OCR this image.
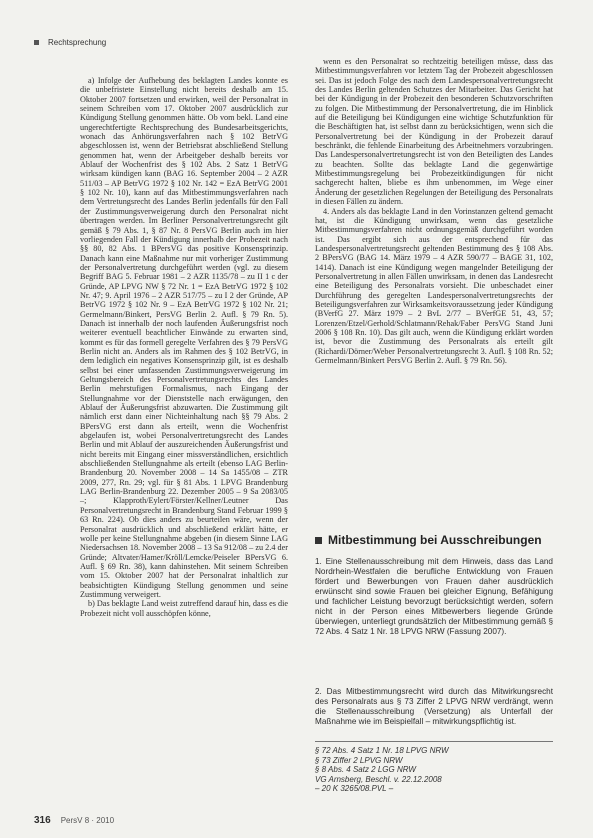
Rechtsprechung

a) Infolge der Aufhebung des beklagten Landes konnte es die unbefristete Einstellung nicht bereits deshalb am 15. Oktober 2007 fortsetzen und erwirken, weil der Personalrat in seinem Schreiben vom 17. Oktober 2007 ausdrücklich zur Kündigung Stellung genommen hätte. Ob vom bekl. Land eine ungerechtfertigte Rechtsprechung des Bundesarbeitsgerichts, wonach das Anhörungsverfahren nach § 102 BetrVG abgeschlossen ist, wenn der Betriebsrat abschließend Stellung genommen hat, wenn der Arbeitgeber deshalb bereits vor Ablauf der Wochenfrist des § 102 Abs. 2 Satz 1 BetrVG wirksam kündigen kann (BAG 16. September 2004 – 2 AZR 511/03 – AP BetrVG 1972 § 102 Nr. 142 = EzA BetrVG 2001 § 102 Nr. 10), kann auf das Mitbestimmungsverfahren nach dem Vertretungsrecht des Landes Berlin jedenfalls für den Fall der Zustimmungsverweigerung durch den Personalrat nicht übertragen werden. Im Berliner Personalvertretungsrecht gilt gemäß § 79 Abs. 1, § 87 Nr. 8 PersVG Berlin auch im hier vorliegenden Fall der Kündigung innerhalb der Probezeit nach §§ 80, 82 Abs. 1 BPersVG das positive Konsensprinzip. Danach kann eine Maßnahme nur mit vorheriger Zustimmung der Personalvertretung durchgeführt werden (vgl. zu diesem Begriff BAG 5. Februar 1981 – 2 AZR 1135/78 – zu II 1 c der Gründe, AP LPVG NW § 72 Nr. 1 = EzA BetrVG 1972 § 102 Nr. 47; 9. April 1976 – 2 AZR 517/75 – zu I 2 der Gründe, AP BetrVG 1972 § 102 Nr. 9 – EzA BetrVG 1972 § 102 Nr. 21; Germelmann/Binkert, PersVG Berlin 2. Aufl. § 79 Rn. 5). Danach ist innerhalb der noch laufenden Äußerungsfrist noch weiterer eventuell beachtlicher Einwände zu erwarten sind, kommt es für das formell geregelte Verfahren des § 79 PersVG Berlin nicht an. Anders als im Rahmen des § 102 BetrVG, in dem lediglich ein negatives Konsensprinzip gilt, ist es deshalb selbst bei einer umfassenden Zustimmungsverweigerung im Geltungsbereich des Personalvertretungsrechts des Landes Berlin mehrstufigen Formalismus, nach Eingang der Stellungnahme vor der Dienststelle nach erwägungen, den Ablauf der Äußerungsfrist abzuwarten. Die Zustimmung gilt nämlich erst dann einer Nichteinhaltung nach §§ 79 Abs. 2 BPersVG erst dann als erteilt, wenn die Wochenfrist abgelaufen ist, wobei Personalvertretungsrecht des Landes Berlin und mit Ablauf der auszureichenden Äußerungsfrist und nicht bereits mit Eingang einer missverständlichen, ersichtlich abschließenden Stellungnahme als erteilt (ebenso LAG Berlin-Brandenburg 20. November 2008 – 14 Sa 1455/08 – ZTR 2009, 277, Rn. 29; vgl. für § 81 Abs. 1 LPVG Brandenburg LAG Berlin-Brandenburg 22. Dezember 2005 – 9 Sa 2083/05 –; Klapproth/Eylert/Förster/Kellner/Leutner Das Personalvertretungsrecht in Brandenburg Stand Februar 1999 § 63 Rn. 224). Ob dies anders zu beurteilen wäre, wenn der Personalrat ausdrücklich und abschließend erklärt hätte, er wolle per keine Stellungnahme abgeben (in diesem Sinne LAG Niedersachsen 18. November 2008 – 13 Sa 912/08 – zu 2.4 der Gründe; Altvater/Hamer/Kröll/Lemcke/Peiseler BPersVG 6. Aufl. § 69 Rn. 38), kann dahinstehen. Mit seinem Schreiben vom 15. Oktober 2007 hat der Personalrat inhaltlich zur beabsichtigten Kündigung Stellung genommen und seine Zustimmung verweigert.

b) Das beklagte Land weist zutreffend darauf hin, dass es die Probezeit nicht voll ausschöpfen könne,

wenn es den Personalrat so rechtzeitig beteiligen müsse, dass das Mitbestimmungsverfahren vor letztem Tag der Probezeit abgeschlossen sei. Das ist jedoch Folge des nach dem Landespersonalvertretungsrecht des Landes Berlin geltenden Schutzes der Mitarbeiter. Das Gericht hat bei der Kündigung in der Probezeit den besonderen Schutzvorschriften zu folgen. Die Mitbestimmung der Personalvertretung, die im Hinblick auf die Beteiligung bei Kündigungen eine wichtige Schutzfunktion für die Beschäftigten hat, ist selbst dann zu berücksichtigen, wenn sich die Personalvertretung bei der Kündigung in der Probezeit darauf beschränkt, die fehlende Einarbeitung des Arbeitnehmers vorzubringen. Das Landespersonalvertretungsrecht ist von den Beteiligten des Landes zu beachten. Sollte das beklagte Land die gegenwärtige Mitbestimmungsregelung bei Probezeitkündigungen für nicht sachgerecht halten, bliebe es ihm unbenommen, im Wege einer Änderung der gesetzlichen Regelungen der Beteiligung des Personalrats in diesen Fällen zu ändern.

4. Anders als das beklagte Land in den Vorinstanzen geltend gemacht hat, ist die Kündigung unwirksam, wenn das gesetzliche Mitbestimmungsverfahren nicht ordnungsgemäß durchgeführt worden ist. Das ergibt sich aus der entsprechend für das Landespersonalvertretungsrecht geltenden Bestimmung des § 108 Abs. 2 BPersVG (BAG 14. März 1979 – 4 AZR 590/77 – BAGE 31, 102, 1414). Danach ist eine Kündigung wegen mangelnder Beteiligung der Personalvertretung in allen Fällen unwirksam, in denen das Landesrecht eine Beteiligung des Personalrats vorsieht. Die unbeschadet einer Durchführung des geregelten Landespersonalvertretungsrechts der Beteiligungsverfahren zur Wirksamkeitsvoraussetzung jeder Kündigung (BVerfG 27. März 1979 – 2 BvL 2/77 – BVerfGE 51, 43, 57; Lorenzen/Etzel/Gerhold/Schlatmann/Rehak/Faber PersVG Stand Juni 2006 § 108 Rn. 10). Das gilt auch, wenn die Kündigung erklärt worden ist, bevor die Zustimmung des Personalrats als erteilt gilt (Richardi/Dörner/Weber Personalvertretungsrecht 3. Aufl. § 108 Rn. 52; Germelmann/Binkert PersVG Berlin 2. Aufl. § 79 Rn. 56).

Mitbestimmung bei Ausschreibungen
1. Eine Stellenausschreibung mit dem Hinweis, dass das Land Nordrhein-Westfalen die berufliche Entwicklung von Frauen fördert und Bewerbungen von Frauen daher ausdrücklich erwünscht sind sowie Frauen bei gleicher Eignung, Befähigung und fachlicher Leistung bevorzugt berücksichtigt werden, sofern nicht in der Person eines Mitbewerbers liegende Gründe überwiegen, unterliegt grundsätzlich der Mitbestimmung gemäß § 72 Abs. 4 Satz 1 Nr. 18 LPVG NRW (Fassung 2007).
2. Das Mitbestimmungsrecht wird durch das Mitwirkungsrecht des Personalrats aus § 73 Ziffer 2 LPVG NRW verdrängt, wenn die Stellenausschreibung (Versetzung) als Unterfall der Maßnahme wie im Beispielfall – mitwirkungspflichtig ist.
§ 72 Abs. 4 Satz 1 Nr. 18 LPVG NRW
§ 73 Ziffer 2 LPVG NRW
§ 8 Abs. 4 Satz 2 LGG NRW
VG Arnsberg, Beschl. v. 22.12.2008
– 20 K 3265/08.PVL –
316 PersV 8 · 2010
